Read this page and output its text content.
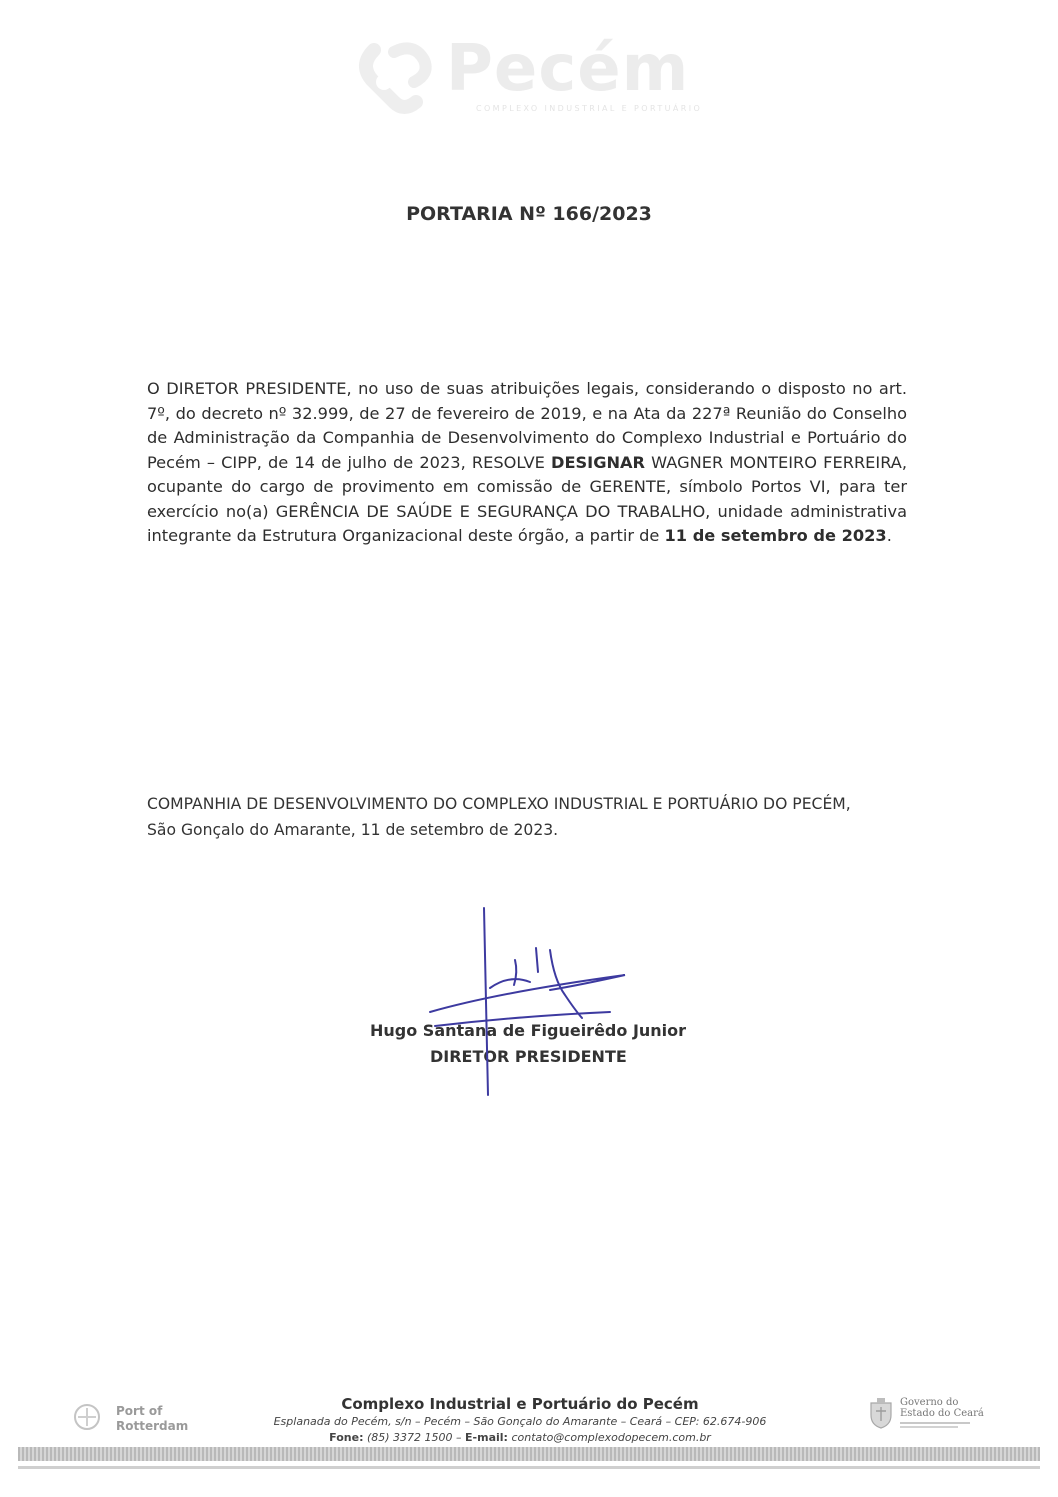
Pecém
COMPLEXO INDUSTRIAL E PORTUÁRIO
PORTARIA Nº 166/2023
O DIRETOR PRESIDENTE, no uso de suas atribuições legais, considerando o disposto no art. 7º, do decreto nº 32.999, de 27 de fevereiro de 2019, e na Ata da 227ª Reunião do Conselho de Administração da Companhia de Desenvolvimento do Complexo Industrial e Portuário do Pecém – CIPP, de 14 de julho de 2023, RESOLVE DESIGNAR WAGNER MONTEIRO FERREIRA, ocupante do cargo de provimento em comissão de GERENTE, símbolo Portos VI, para ter exercício no(a) GERÊNCIA DE SAÚDE E SEGURANÇA DO TRABALHO, unidade administrativa integrante da Estrutura Organizacional deste órgão, a partir de 11 de setembro de 2023.
COMPANHIA DE DESENVOLVIMENTO DO COMPLEXO INDUSTRIAL E PORTUÁRIO DO PECÉM,
São Gonçalo do Amarante, 11 de setembro de 2023.
Hugo Santana de Figueirêdo Junior
DIRETOR PRESIDENTE
Port of
Rotterdam
Complexo Industrial e Portuário do Pecém
Esplanada do Pecém, s/n – Pecém – São Gonçalo do Amarante – Ceará – CEP: 62.674-906
Fone: (85) 3372 1500 – E-mail: contato@complexodopecem.com.br
Governo do
Estado do Ceará
